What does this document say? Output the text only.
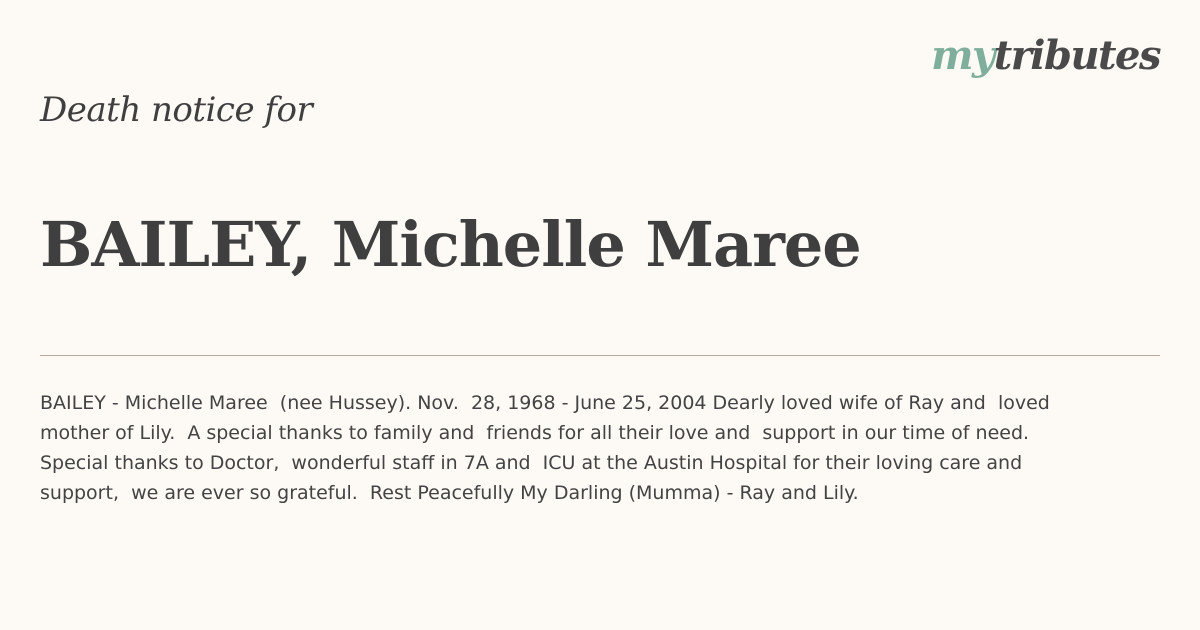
mytributes
Death notice for
BAILEY, Michelle Maree

BAILEY - Michelle Maree  (nee Hussey). Nov.  28, 1968 - June 25, 2004 Dearly loved wife of Ray and  loved mother of Lily.  A special thanks to family and  friends for all their love and  support in our time of need. Special thanks to Doctor,  wonderful staff in 7A and  ICU at the Austin Hospital for their loving care and support,  we are ever so grateful.  Rest Peacefully My Darling (Mumma) - Ray and Lily.
